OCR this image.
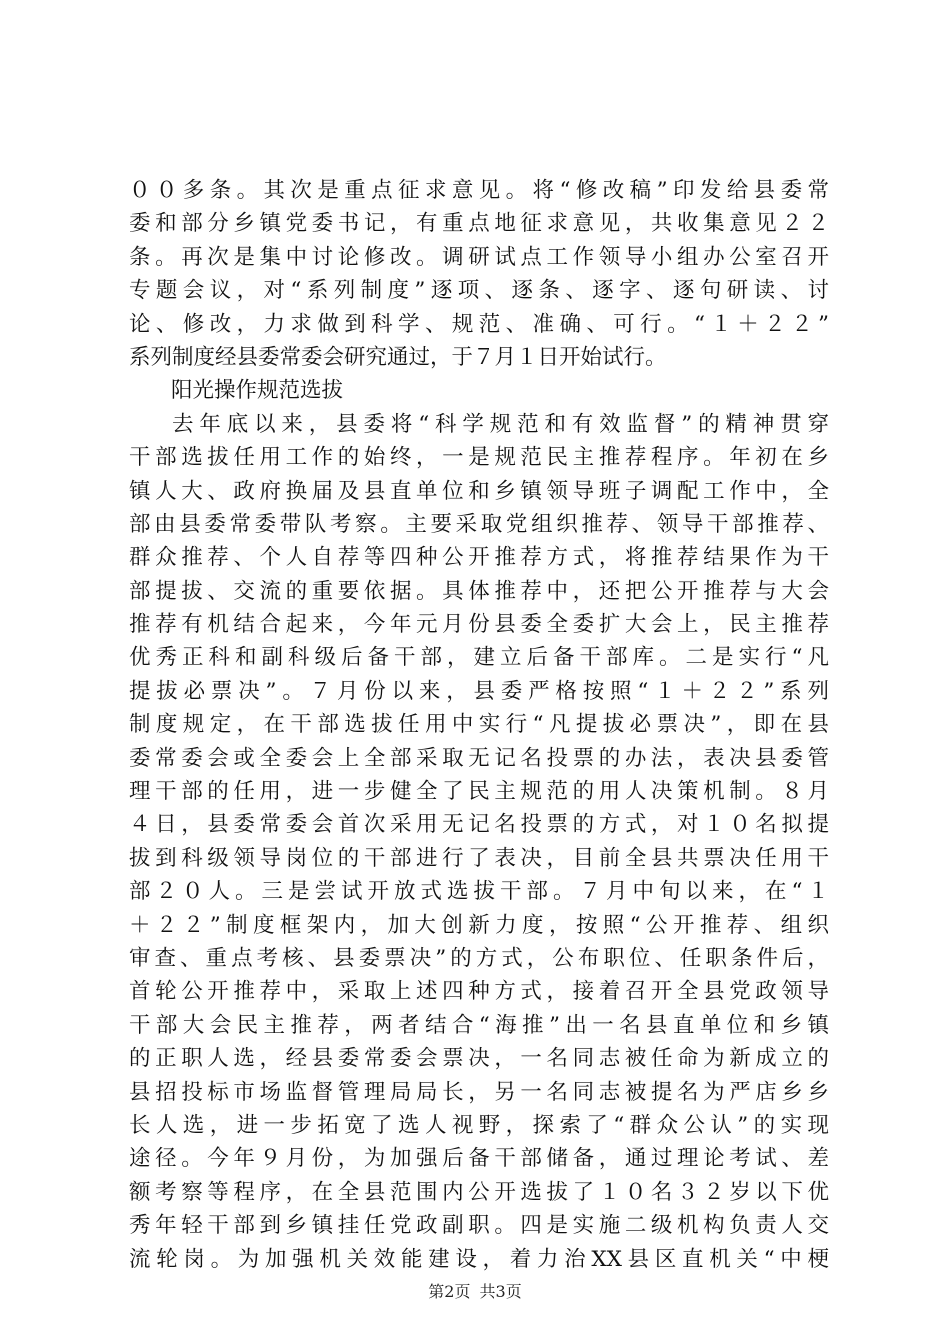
００多条。其次是重点征求意见。将“修改稿”印发给县委常
委和部分乡镇党委书记，有重点地征求意见，共收集意见２２
条。再次是集中讨论修改。调研试点工作领导小组办公室召开
专题会议，对“系列制度”逐项、逐条、逐字、逐句研读、讨
论、修改，力求做到科学、规范、准确、可行。“１＋２２”
系列制度经县委常委会研究通过，于７月１日开始试行。
阳光操作规范选拔
去年底以来，县委将“科学规范和有效监督”的精神贯穿
干部选拔任用工作的始终，一是规范民主推荐程序。年初在乡
镇人大、政府换届及县直单位和乡镇领导班子调配工作中，全
部由县委常委带队考察。主要采取党组织推荐、领导干部推荐、
群众推荐、个人自荐等四种公开推荐方式，将推荐结果作为干
部提拔、交流的重要依据。具体推荐中，还把公开推荐与大会
推荐有机结合起来，今年元月份县委全委扩大会上，民主推荐
优秀正科和副科级后备干部，建立后备干部库。二是实行“凡
提拔必票决”。７月份以来，县委严格按照“１＋２２”系列
制度规定，在干部选拔任用中实行“凡提拔必票决”，即在县
委常委会或全委会上全部采取无记名投票的办法，表决县委管
理干部的任用，进一步健全了民主规范的用人决策机制。８月
４日，县委常委会首次采用无记名投票的方式，对１０名拟提
拔到科级领导岗位的干部进行了表决，目前全县共票决任用干
部２０人。三是尝试开放式选拔干部。７月中旬以来，在“１
＋２２”制度框架内，加大创新力度，按照“公开推荐、组织
审查、重点考核、县委票决”的方式，公布职位、任职条件后，
首轮公开推荐中，采取上述四种方式，接着召开全县党政领导
干部大会民主推荐，两者结合“海推”出一名县直单位和乡镇
的正职人选，经县委常委会票决，一名同志被任命为新成立的
县招投标市场监督管理局局长，另一名同志被提名为严店乡乡
长人选，进一步拓宽了选人视野，探索了“群众公认”的实现
途径。今年９月份，为加强后备干部储备，通过理论考试、差
额考察等程序，在全县范围内公开选拔了１０名３２岁以下优
秀年轻干部到乡镇挂任党政副职。四是实施二级机构负责人交
流轮岗。为加强机关效能建设，着力治XX县区直机关“中梗
第2页 共3页
